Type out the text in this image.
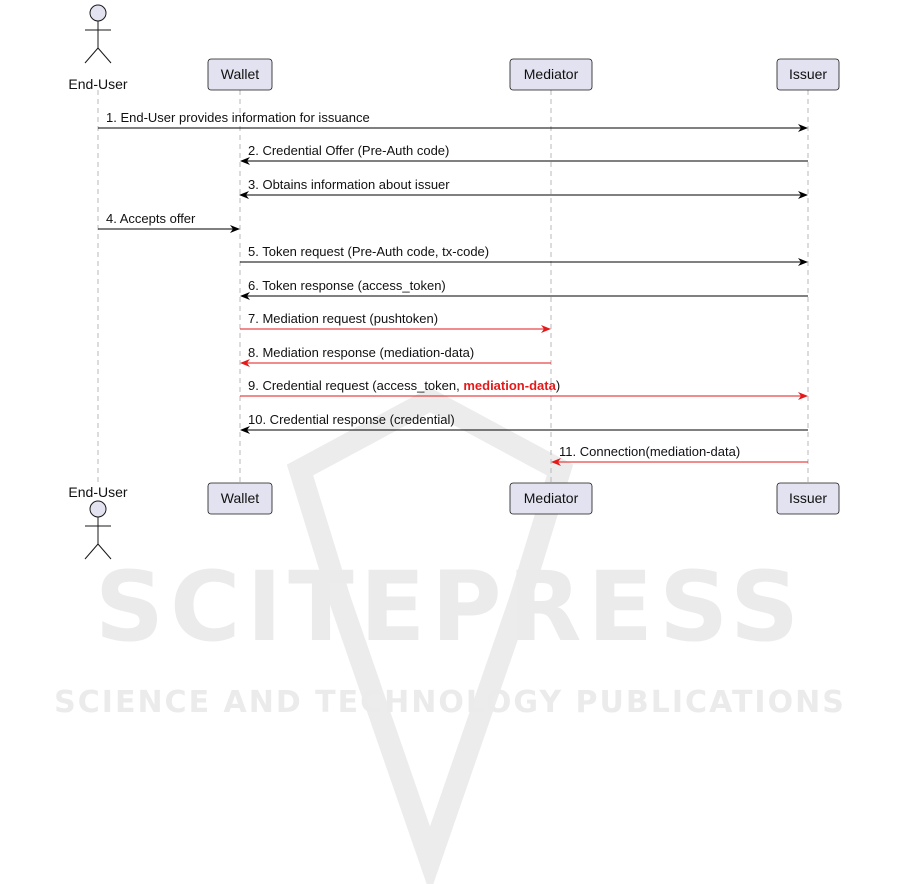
SCITEPRESS
SCIENCE AND TECHNOLOGY PUBLICATIONS
End-User
End-User
Wallet
Wallet
Mediator
Mediator
Issuer
Issuer
1. End-User provides information for issuance
2. Credential Offer (Pre-Auth code)
3. Obtains information about issuer
4. Accepts offer
5. Token request (Pre-Auth code, tx-code)
6. Token response (access_token)
7. Mediation request (pushtoken)
8. Mediation response (mediation-data)
9. Credential request (access_token, mediation-data)
10. Credential response (credential)
11. Connection(mediation-data)
